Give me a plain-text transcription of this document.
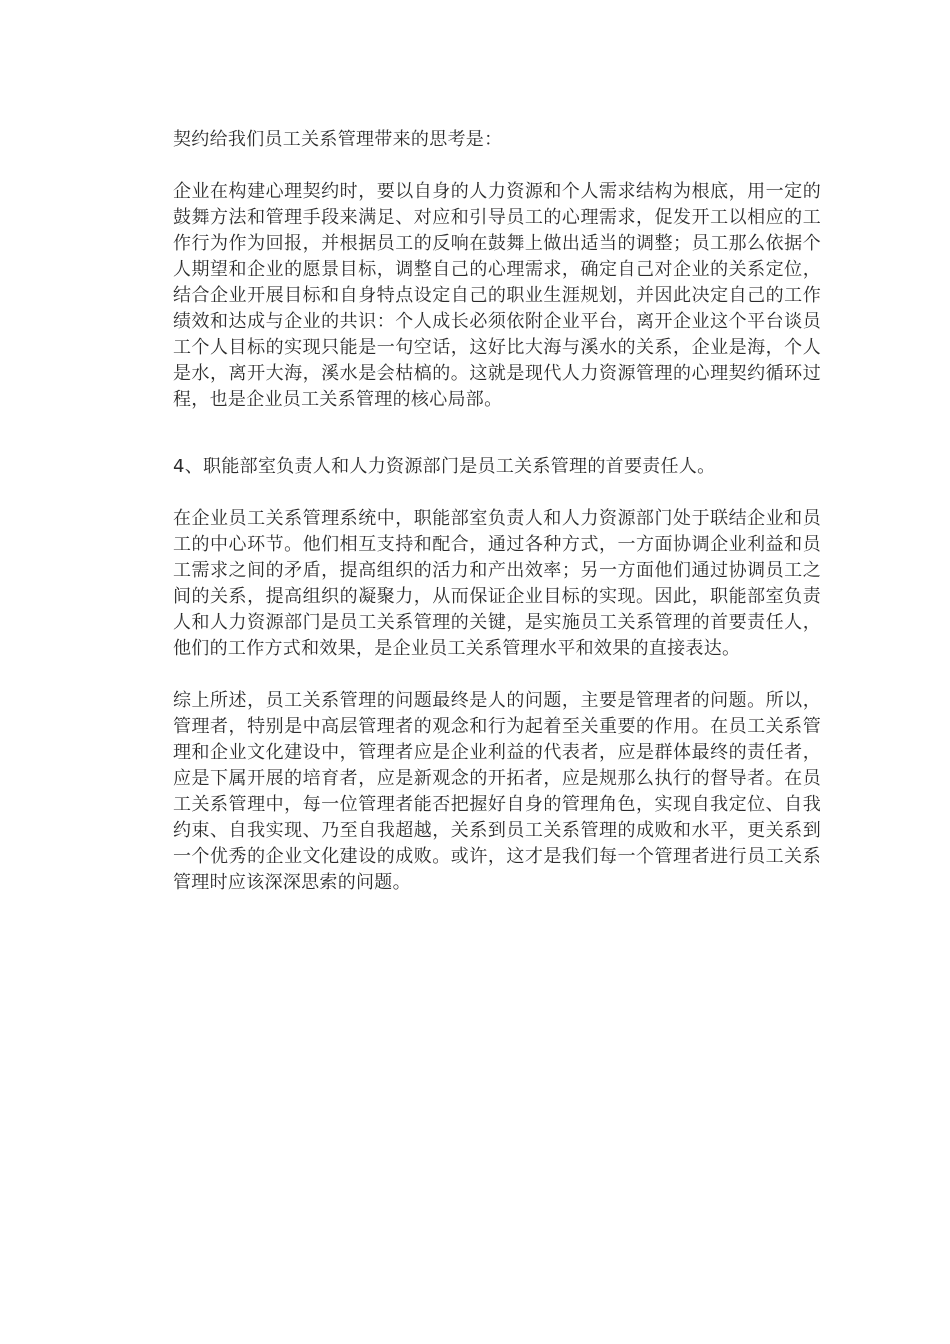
契约给我们员工关系管理带来的思考是：

企业在构建心理契约时，要以自身的人力资源和个人需求结构为根底，用一定的鼓舞方法和管理手段来满足、对应和引导员工的心理需求，促发开工以相应的工作行为作为回报，并根据员工的反响在鼓舞上做出适当的调整；员工那么依据个人期望和企业的愿景目标，调整自己的心理需求，确定自己对企业的关系定位，结合企业开展目标和自身特点设定自己的职业生涯规划，并因此决定自己的工作绩效和达成与企业的共识：个人成长必须依附企业平台，离开企业这个平台谈员工个人目标的实现只能是一句空话，这好比大海与溪水的关系，企业是海，个人是水，离开大海，溪水是会枯槁的。这就是现代人力资源管理的心理契约循环过程，也是企业员工关系管理的核心局部。

4、职能部室负责人和人力资源部门是员工关系管理的首要责任人。

在企业员工关系管理系统中，职能部室负责人和人力资源部门处于联结企业和员工的中心环节。他们相互支持和配合，通过各种方式，一方面协调企业利益和员工需求之间的矛盾，提高组织的活力和产出效率；另一方面他们通过协调员工之间的关系，提高组织的凝聚力，从而保证企业目标的实现。因此，职能部室负责人和人力资源部门是员工关系管理的关键，是实施员工关系管理的首要责任人，他们的工作方式和效果，是企业员工关系管理水平和效果的直接表达。

综上所述，员工关系管理的问题最终是人的问题，主要是管理者的问题。所以，管理者，特别是中高层管理者的观念和行为起着至关重要的作用。在员工关系管理和企业文化建设中，管理者应是企业利益的代表者，应是群体最终的责任者，应是下属开展的培育者，应是新观念的开拓者，应是规那么执行的督导者。在员工关系管理中，每一位管理者能否把握好自身的管理角色，实现自我定位、自我约束、自我实现、乃至自我超越，关系到员工关系管理的成败和水平，更关系到一个优秀的企业文化建设的成败。或许，这才是我们每一个管理者进行员工关系管理时应该深深思索的问题。
